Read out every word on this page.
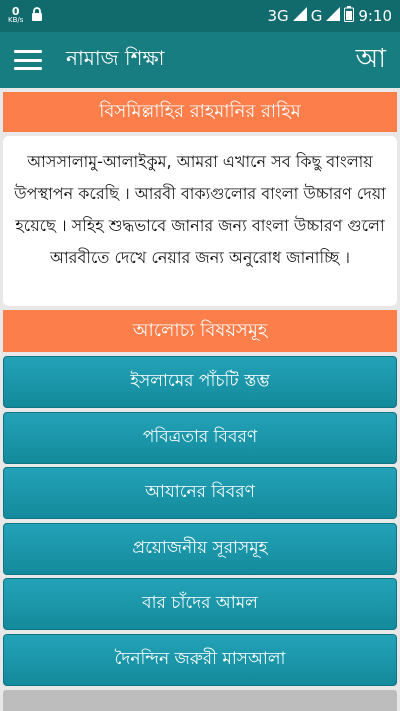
0
KB/s	3G G 9:10
নামাজ শিক্ষা	আ
বিসমিল্লাহির রাহমানির রাহিম
আসসালামু-আলাইকুম, আমরা এখানে সব কিছু বাংলায় উপস্থাপন করেছি । আরবী বাক্যগুলোর বাংলা উচ্চারণ দেয়া হয়েছে । সহিহ শুদ্ধভাবে জানার জন্য বাংলা উচ্চারণ গুলো আরবীতে দেখে নেয়ার জন্য অনুরোধ জানাচ্ছি ।
আলোচ্য বিষয়সমূহ
ইসলামের পাঁচটি স্তম্ভ
পবিত্রতার বিবরণ
আযানের বিবরণ
প্রয়োজনীয় সূরাসমূহ
বার চাঁদের আমল
দৈনন্দিন জরুরী মাসআলা
